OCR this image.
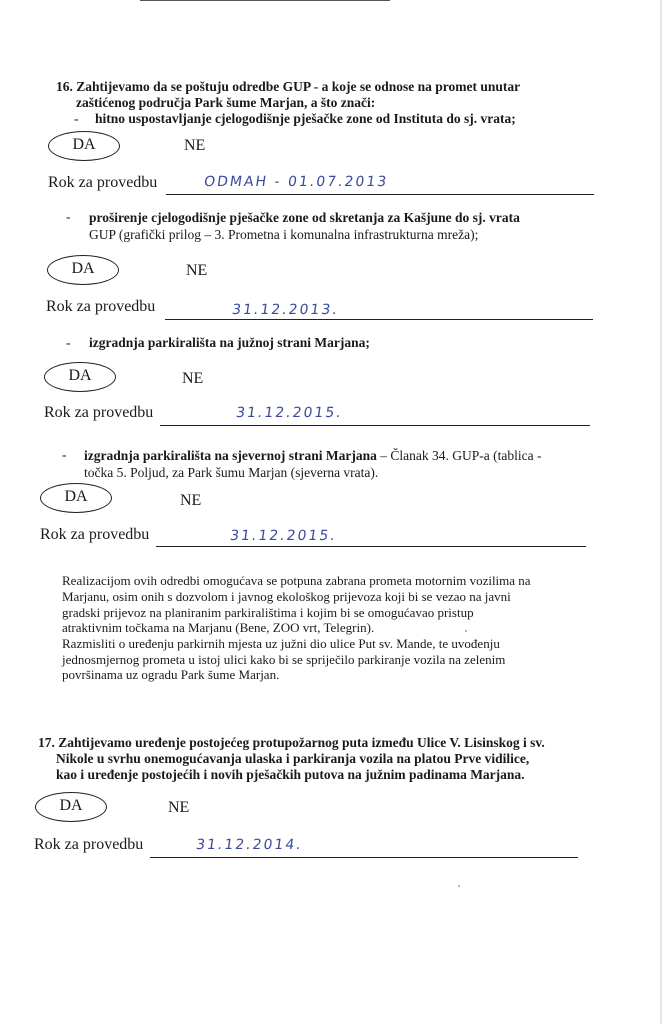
16. Zahtijevamo da se poštuju odredbe GUP - a koje se odnose na promet unutar
zaštićenog područja Park šume Marjan, a što znači:
- hitno uspostavljanje cjelogodišnje pješačke zone od Instituta do sj. vrata;
DA	NE
Rok za provedbu	ODMAH - 01.07.2013
- proširenje cjelogodišnje pješačke zone od skretanja za Kašjune do sj. vrata
GUP (grafički prilog – 3. Prometna i komunalna infrastrukturna mreža);
DA	NE
Rok za provedbu	31.12.2013.
- izgradnja parkirališta na južnoj strani Marjana;
DA	NE
Rok za provedbu	31.12.2015.
- izgradnja parkirališta na sjevernoj strani Marjana – Članak 34. GUP-a (tablica -
točka 5. Poljud, za Park šumu Marjan (sjeverna vrata).
DA	NE
Rok za provedbu	31.12.2015.
Realizacijom ovih odredbi omogućava se potpuna zabrana prometa motornim vozilima na
Marjanu, osim onih s dozvolom i javnog ekološkog prijevoza koji bi se vezao na javni
gradski prijevoz na planiranim parkiralištima i kojim bi se omogućavao pristup
atraktivnim točkama na Marjanu (Bene, ZOO vrt, Telegrin).
Razmisliti o uređenju parkirnih mjesta uz južni dio ulice Put sv. Mande, te uvođenju
jednosmjernog prometa u istoj ulici kako bi se spriječilo parkiranje vozila na zelenim
površinama uz ogradu Park šume Marjan.
17. Zahtijevamo uređenje postojećeg protupožarnog puta između Ulice V. Lisinskog i sv.
Nikole u svrhu onemogućavanja ulaska i parkiranja vozila na platou Prve vidilice,
kao i uređenje postojećih i novih pješačkih putova na južnim padinama Marjana.
DA	NE
Rok za provedbu	31.12.2014.
